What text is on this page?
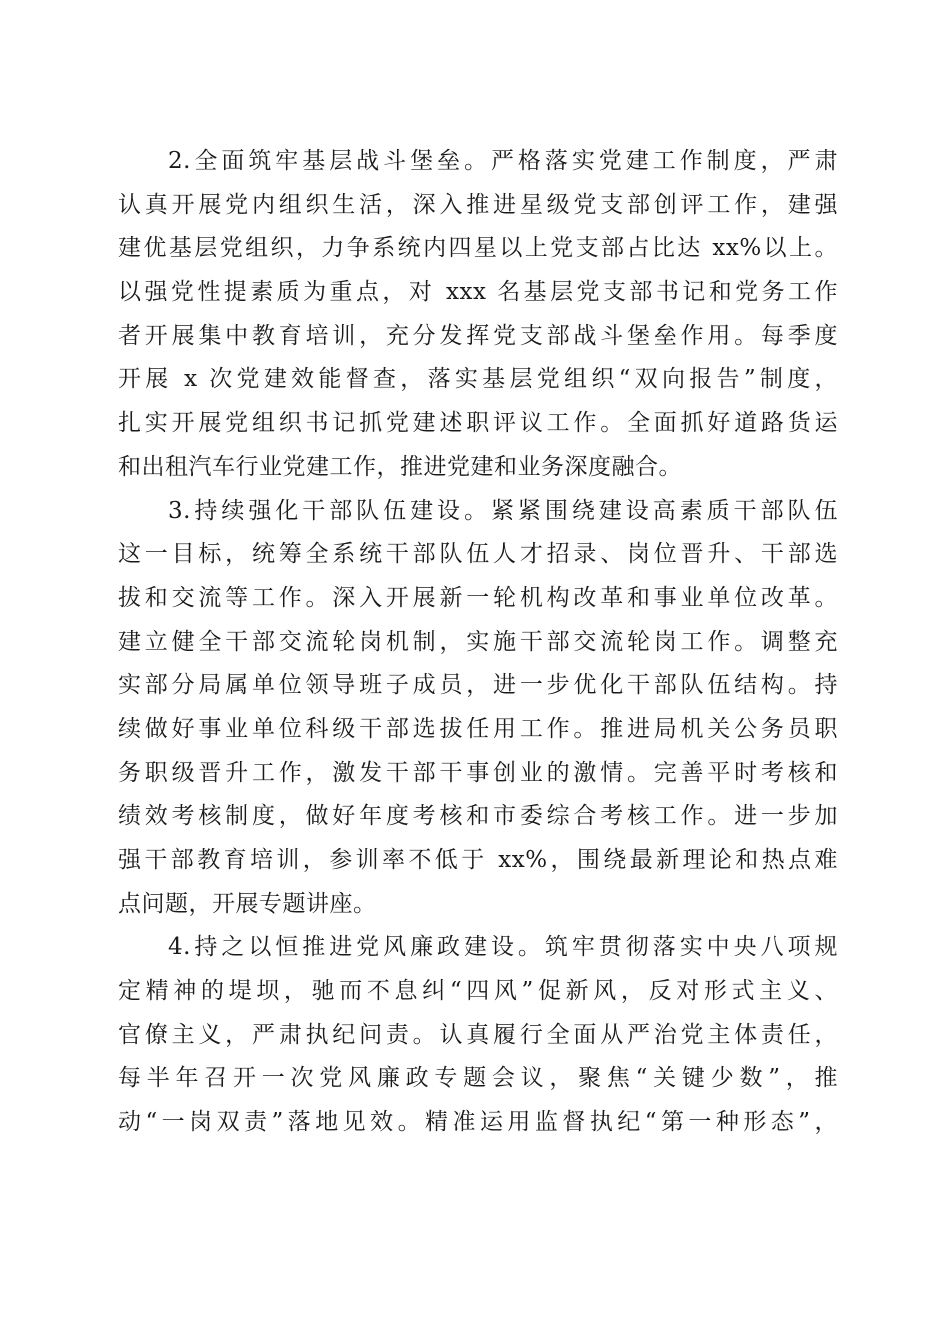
2.全面筑牢基层战斗堡垒。严格落实党建工作制度，严肃
认真开展党内组织生活，深入推进星级党支部创评工作，建强
建优基层党组织，力争系统内四星以上党支部占比达 xx%以上。
以强党性提素质为重点，对 xxx 名基层党支部书记和党务工作
者开展集中教育培训，充分发挥党支部战斗堡垒作用。每季度
开展 x 次党建效能督查，落实基层党组织“双向报告”制度，
扎实开展党组织书记抓党建述职评议工作。全面抓好道路货运
和出租汽车行业党建工作，推进党建和业务深度融合。
3.持续强化干部队伍建设。紧紧围绕建设高素质干部队伍
这一目标，统筹全系统干部队伍人才招录、岗位晋升、干部选
拔和交流等工作。深入开展新一轮机构改革和事业单位改革。
建立健全干部交流轮岗机制，实施干部交流轮岗工作。调整充
实部分局属单位领导班子成员，进一步优化干部队伍结构。持
续做好事业单位科级干部选拔任用工作。推进局机关公务员职
务职级晋升工作，激发干部干事创业的激情。完善平时考核和
绩效考核制度，做好年度考核和市委综合考核工作。进一步加
强干部教育培训，参训率不低于 xx%，围绕最新理论和热点难
点问题，开展专题讲座。
4.持之以恒推进党风廉政建设。筑牢贯彻落实中央八项规
定精神的堤坝，驰而不息纠“四风”促新风，反对形式主义、
官僚主义，严肃执纪问责。认真履行全面从严治党主体责任，
每半年召开一次党风廉政专题会议，聚焦“关键少数”，推
动“一岗双责”落地见效。精准运用监督执纪“第一种形态”，
